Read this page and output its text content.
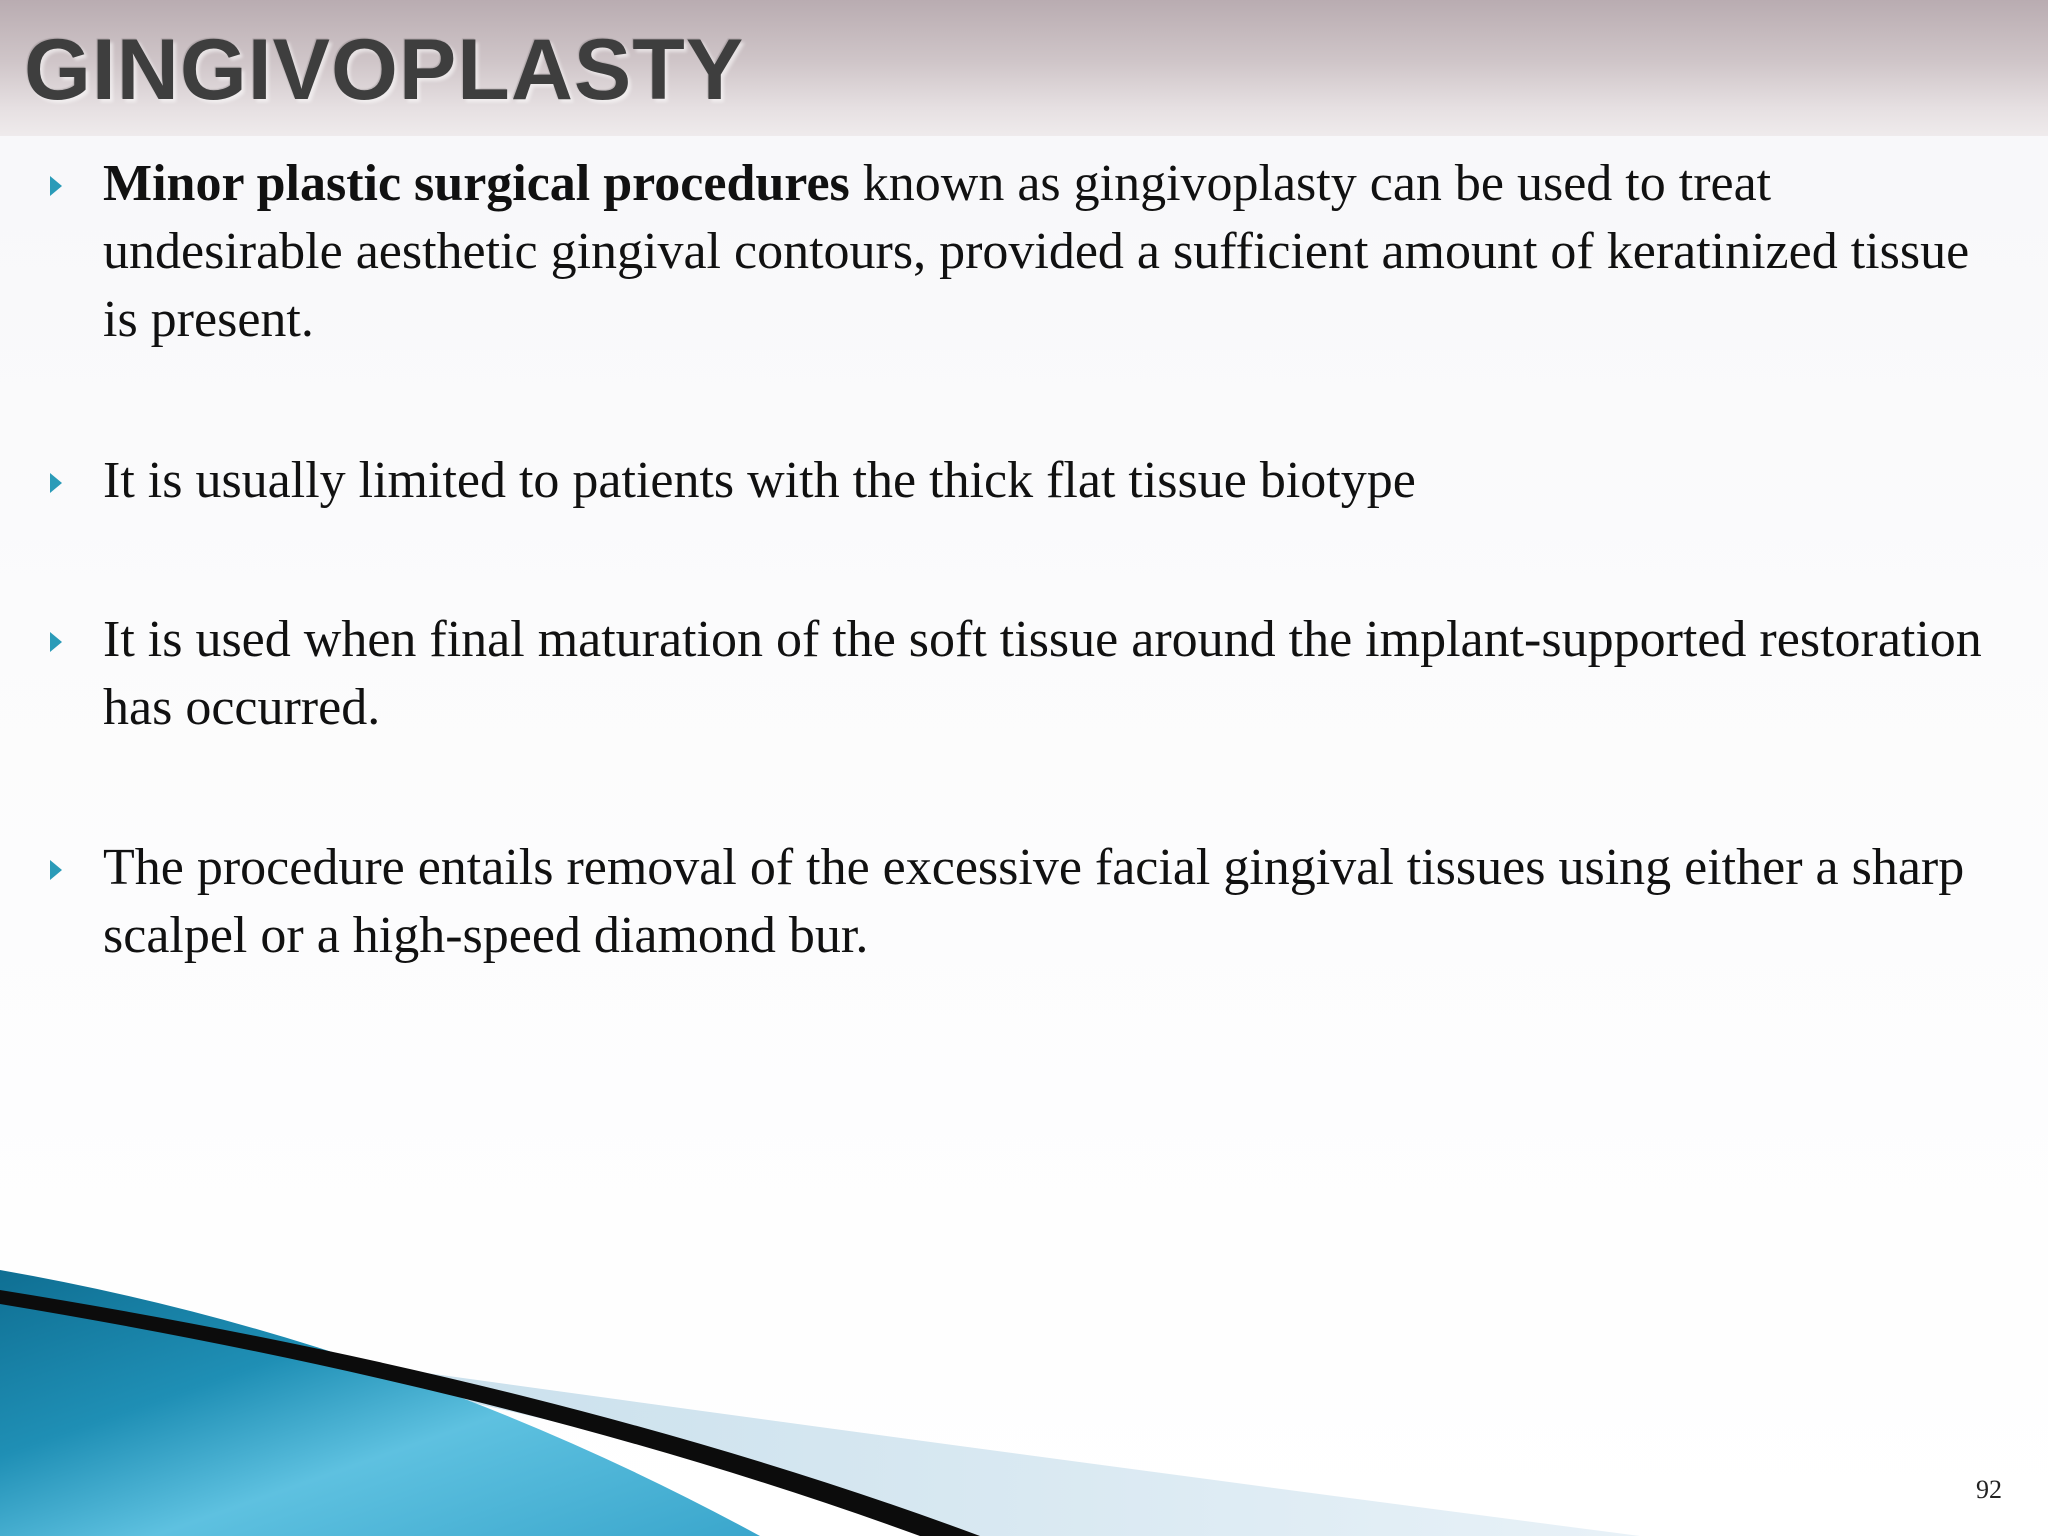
GINGIVOPLASTY

Minor plastic surgical procedures known as gingivoplasty can be used to treat undesirable aesthetic gingival contours, provided a sufficient amount of keratinized tissue is present.

It is usually limited to patients with the thick flat tissue biotype

It is used when final maturation of the soft tissue around the implant-supported restoration has occurred.

The procedure entails removal of the excessive facial gingival tissues using either a sharp scalpel or a high-speed diamond bur.

92
